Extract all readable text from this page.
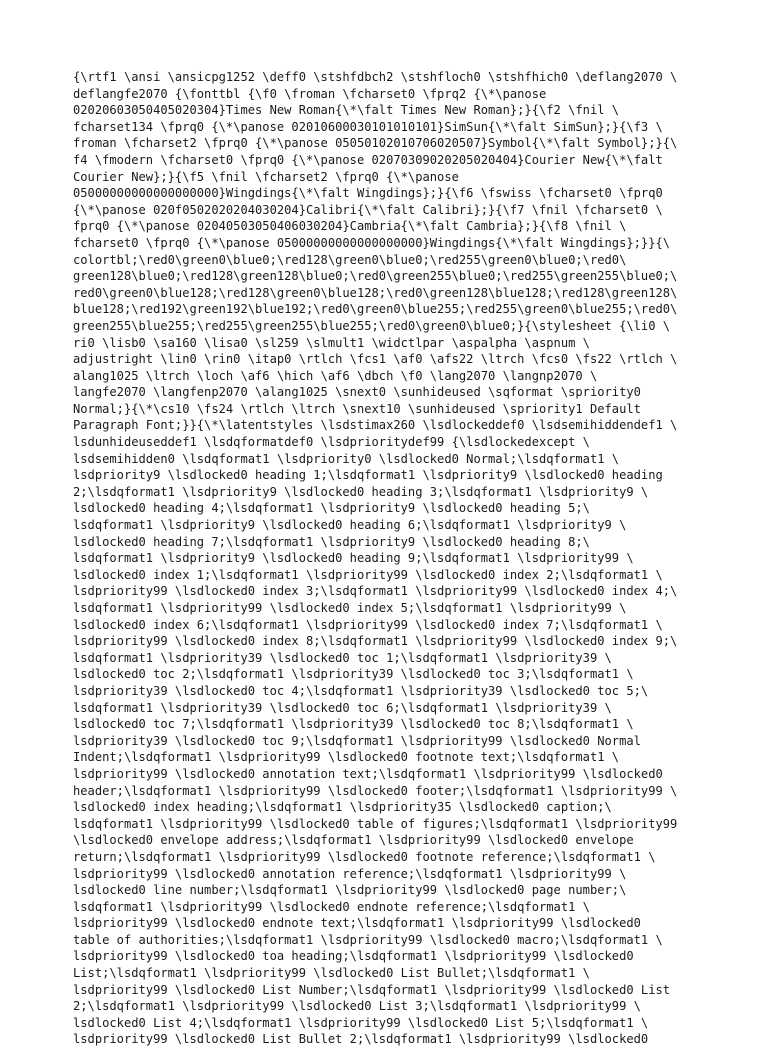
{\rtf1 \ansi \ansicpg1252 \deff0 \stshfdbch2 \stshfloch0 \stshfhich0 \deflang2070 \
deflangfe2070 {\fonttbl {\f0 \froman \fcharset0 \fprq2 {\*\panose
02020603050405020304}Times New Roman{\*\falt Times New Roman};}{\f2 \fnil \
fcharset134 \fprq0 {\*\panose 02010600030101010101}SimSun{\*\falt SimSun};}{\f3 \
froman \fcharset2 \fprq0 {\*\panose 05050102010706020507}Symbol{\*\falt Symbol};}{\
f4 \fmodern \fcharset0 \fprq0 {\*\panose 02070309020205020404}Courier New{\*\falt
Courier New};}{\f5 \fnil \fcharset2 \fprq0 {\*\panose
05000000000000000000}Wingdings{\*\falt Wingdings};}{\f6 \fswiss \fcharset0 \fprq0
{\*\panose 020f0502020204030204}Calibri{\*\falt Calibri};}{\f7 \fnil \fcharset0 \
fprq0 {\*\panose 02040503050406030204}Cambria{\*\falt Cambria};}{\f8 \fnil \
fcharset0 \fprq0 {\*\panose 05000000000000000000}Wingdings{\*\falt Wingdings};}}{\
colortbl;\red0\green0\blue0;\red128\green0\blue0;\red255\green0\blue0;\red0\
green128\blue0;\red128\green128\blue0;\red0\green255\blue0;\red255\green255\blue0;\
red0\green0\blue128;\red128\green0\blue128;\red0\green128\blue128;\red128\green128\
blue128;\red192\green192\blue192;\red0\green0\blue255;\red255\green0\blue255;\red0\
green255\blue255;\red255\green255\blue255;\red0\green0\blue0;}{\stylesheet {\li0 \
ri0 \lisb0 \sa160 \lisa0 \sl259 \slmult1 \widctlpar \aspalpha \aspnum \
adjustright \lin0 \rin0 \itap0 \rtlch \fcs1 \af0 \afs22 \ltrch \fcs0 \fs22 \rtlch \
alang1025 \ltrch \loch \af6 \hich \af6 \dbch \f0 \lang2070 \langnp2070 \
langfe2070 \langfenp2070 \alang1025 \snext0 \sunhideused \sqformat \spriority0
Normal;}{\*\cs10 \fs24 \rtlch \ltrch \snext10 \sunhideused \spriority1 Default
Paragraph Font;}}{\*\latentstyles \lsdstimax260 \lsdlockeddef0 \lsdsemihiddendef1 \
lsdunhideuseddef1 \lsdqformatdef0 \lsdprioritydef99 {\lsdlockedexcept \
lsdsemihidden0 \lsdqformat1 \lsdpriority0 \lsdlocked0 Normal;\lsdqformat1 \
lsdpriority9 \lsdlocked0 heading 1;\lsdqformat1 \lsdpriority9 \lsdlocked0 heading
2;\lsdqformat1 \lsdpriority9 \lsdlocked0 heading 3;\lsdqformat1 \lsdpriority9 \
lsdlocked0 heading 4;\lsdqformat1 \lsdpriority9 \lsdlocked0 heading 5;\
lsdqformat1 \lsdpriority9 \lsdlocked0 heading 6;\lsdqformat1 \lsdpriority9 \
lsdlocked0 heading 7;\lsdqformat1 \lsdpriority9 \lsdlocked0 heading 8;\
lsdqformat1 \lsdpriority9 \lsdlocked0 heading 9;\lsdqformat1 \lsdpriority99 \
lsdlocked0 index 1;\lsdqformat1 \lsdpriority99 \lsdlocked0 index 2;\lsdqformat1 \
lsdpriority99 \lsdlocked0 index 3;\lsdqformat1 \lsdpriority99 \lsdlocked0 index 4;\
lsdqformat1 \lsdpriority99 \lsdlocked0 index 5;\lsdqformat1 \lsdpriority99 \
lsdlocked0 index 6;\lsdqformat1 \lsdpriority99 \lsdlocked0 index 7;\lsdqformat1 \
lsdpriority99 \lsdlocked0 index 8;\lsdqformat1 \lsdpriority99 \lsdlocked0 index 9;\
lsdqformat1 \lsdpriority39 \lsdlocked0 toc 1;\lsdqformat1 \lsdpriority39 \
lsdlocked0 toc 2;\lsdqformat1 \lsdpriority39 \lsdlocked0 toc 3;\lsdqformat1 \
lsdpriority39 \lsdlocked0 toc 4;\lsdqformat1 \lsdpriority39 \lsdlocked0 toc 5;\
lsdqformat1 \lsdpriority39 \lsdlocked0 toc 6;\lsdqformat1 \lsdpriority39 \
lsdlocked0 toc 7;\lsdqformat1 \lsdpriority39 \lsdlocked0 toc 8;\lsdqformat1 \
lsdpriority39 \lsdlocked0 toc 9;\lsdqformat1 \lsdpriority99 \lsdlocked0 Normal
Indent;\lsdqformat1 \lsdpriority99 \lsdlocked0 footnote text;\lsdqformat1 \
lsdpriority99 \lsdlocked0 annotation text;\lsdqformat1 \lsdpriority99 \lsdlocked0
header;\lsdqformat1 \lsdpriority99 \lsdlocked0 footer;\lsdqformat1 \lsdpriority99 \
lsdlocked0 index heading;\lsdqformat1 \lsdpriority35 \lsdlocked0 caption;\
lsdqformat1 \lsdpriority99 \lsdlocked0 table of figures;\lsdqformat1 \lsdpriority99
\lsdlocked0 envelope address;\lsdqformat1 \lsdpriority99 \lsdlocked0 envelope
return;\lsdqformat1 \lsdpriority99 \lsdlocked0 footnote reference;\lsdqformat1 \
lsdpriority99 \lsdlocked0 annotation reference;\lsdqformat1 \lsdpriority99 \
lsdlocked0 line number;\lsdqformat1 \lsdpriority99 \lsdlocked0 page number;\
lsdqformat1 \lsdpriority99 \lsdlocked0 endnote reference;\lsdqformat1 \
lsdpriority99 \lsdlocked0 endnote text;\lsdqformat1 \lsdpriority99 \lsdlocked0
table of authorities;\lsdqformat1 \lsdpriority99 \lsdlocked0 macro;\lsdqformat1 \
lsdpriority99 \lsdlocked0 toa heading;\lsdqformat1 \lsdpriority99 \lsdlocked0
List;\lsdqformat1 \lsdpriority99 \lsdlocked0 List Bullet;\lsdqformat1 \
lsdpriority99 \lsdlocked0 List Number;\lsdqformat1 \lsdpriority99 \lsdlocked0 List
2;\lsdqformat1 \lsdpriority99 \lsdlocked0 List 3;\lsdqformat1 \lsdpriority99 \
lsdlocked0 List 4;\lsdqformat1 \lsdpriority99 \lsdlocked0 List 5;\lsdqformat1 \
lsdpriority99 \lsdlocked0 List Bullet 2;\lsdqformat1 \lsdpriority99 \lsdlocked0
